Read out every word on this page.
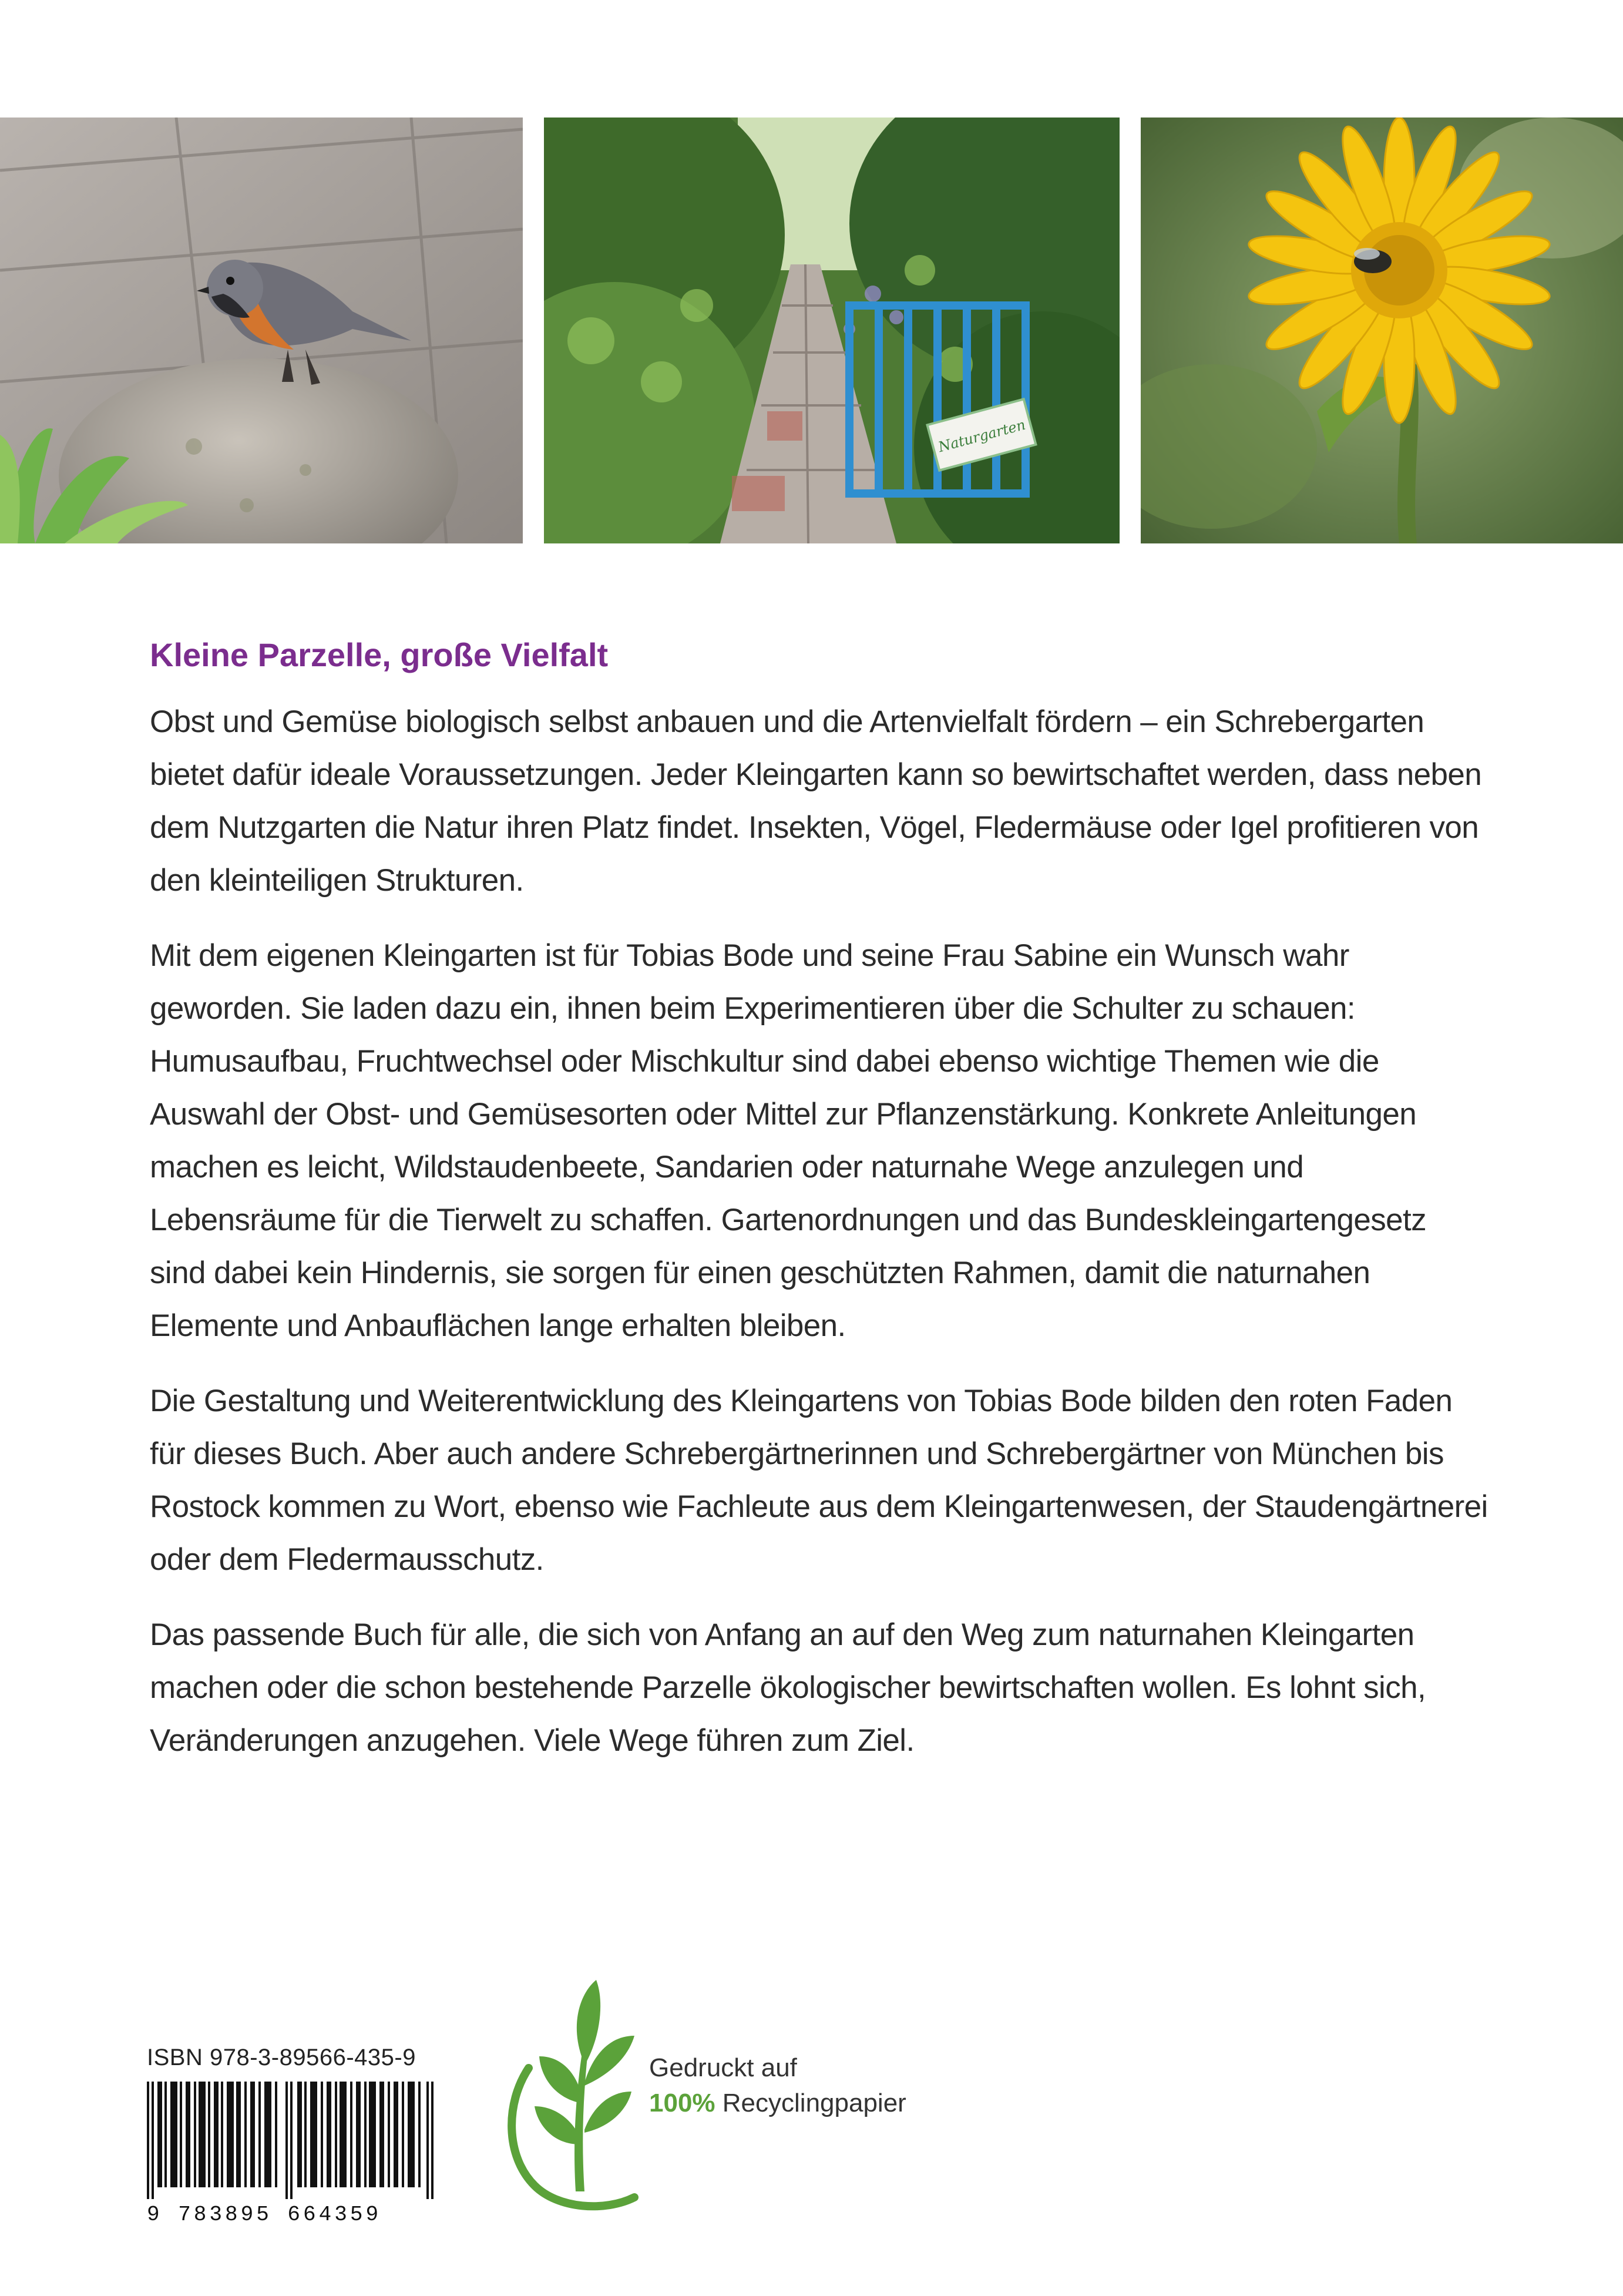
Naturgarten
Kleine Parzelle, große Vielfalt

Obst und Gemüse biologisch selbst anbauen und die Artenvielfalt fördern – ein Schrebergarten bietet dafür ideale Voraussetzungen. Jeder Kleingarten kann so bewirtschaftet werden, dass neben dem Nutzgarten die Natur ihren Platz findet. Insekten, Vögel, Fledermäuse oder Igel profitieren von den kleinteiligen Strukturen.

Mit dem eigenen Kleingarten ist für Tobias Bode und seine Frau Sabine ein Wunsch wahr geworden. Sie laden dazu ein, ihnen beim Experimentieren über die Schulter zu schauen: Humusaufbau, Fruchtwechsel oder Mischkultur sind dabei ebenso wichtige Themen wie die Auswahl der Obst- und Gemüsesorten oder Mittel zur Pflanzenstärkung. Konkrete Anleitungen machen es leicht, Wildstaudenbeete, Sandarien oder naturnahe Wege anzulegen und Lebensräume für die Tierwelt zu schaffen. Gartenordnungen und das Bundeskleingartengesetz sind dabei kein Hindernis, sie sorgen für einen geschützten Rahmen, damit die naturnahen Elemente und Anbauflächen lange erhalten bleiben.

Die Gestaltung und Weiterentwicklung des Kleingartens von Tobias Bode bilden den roten Faden für dieses Buch. Aber auch andere Schrebergärtnerinnen und Schrebergärtner von München bis Rostock kommen zu Wort, ebenso wie Fachleute aus dem Kleingartenwesen, der Staudengärtnerei oder dem Fledermausschutz.

Das passende Buch für alle, die sich von Anfang an auf den Weg zum naturnahen Kleingarten machen oder die schon bestehende Parzelle ökologischer bewirtschaften wollen. Es lohnt sich, Veränderungen anzugehen. Viele Wege führen zum Ziel.

ISBN 978-3-89566-435-9
9 783895 664359
Gedruckt auf
100% Recyclingpapier
